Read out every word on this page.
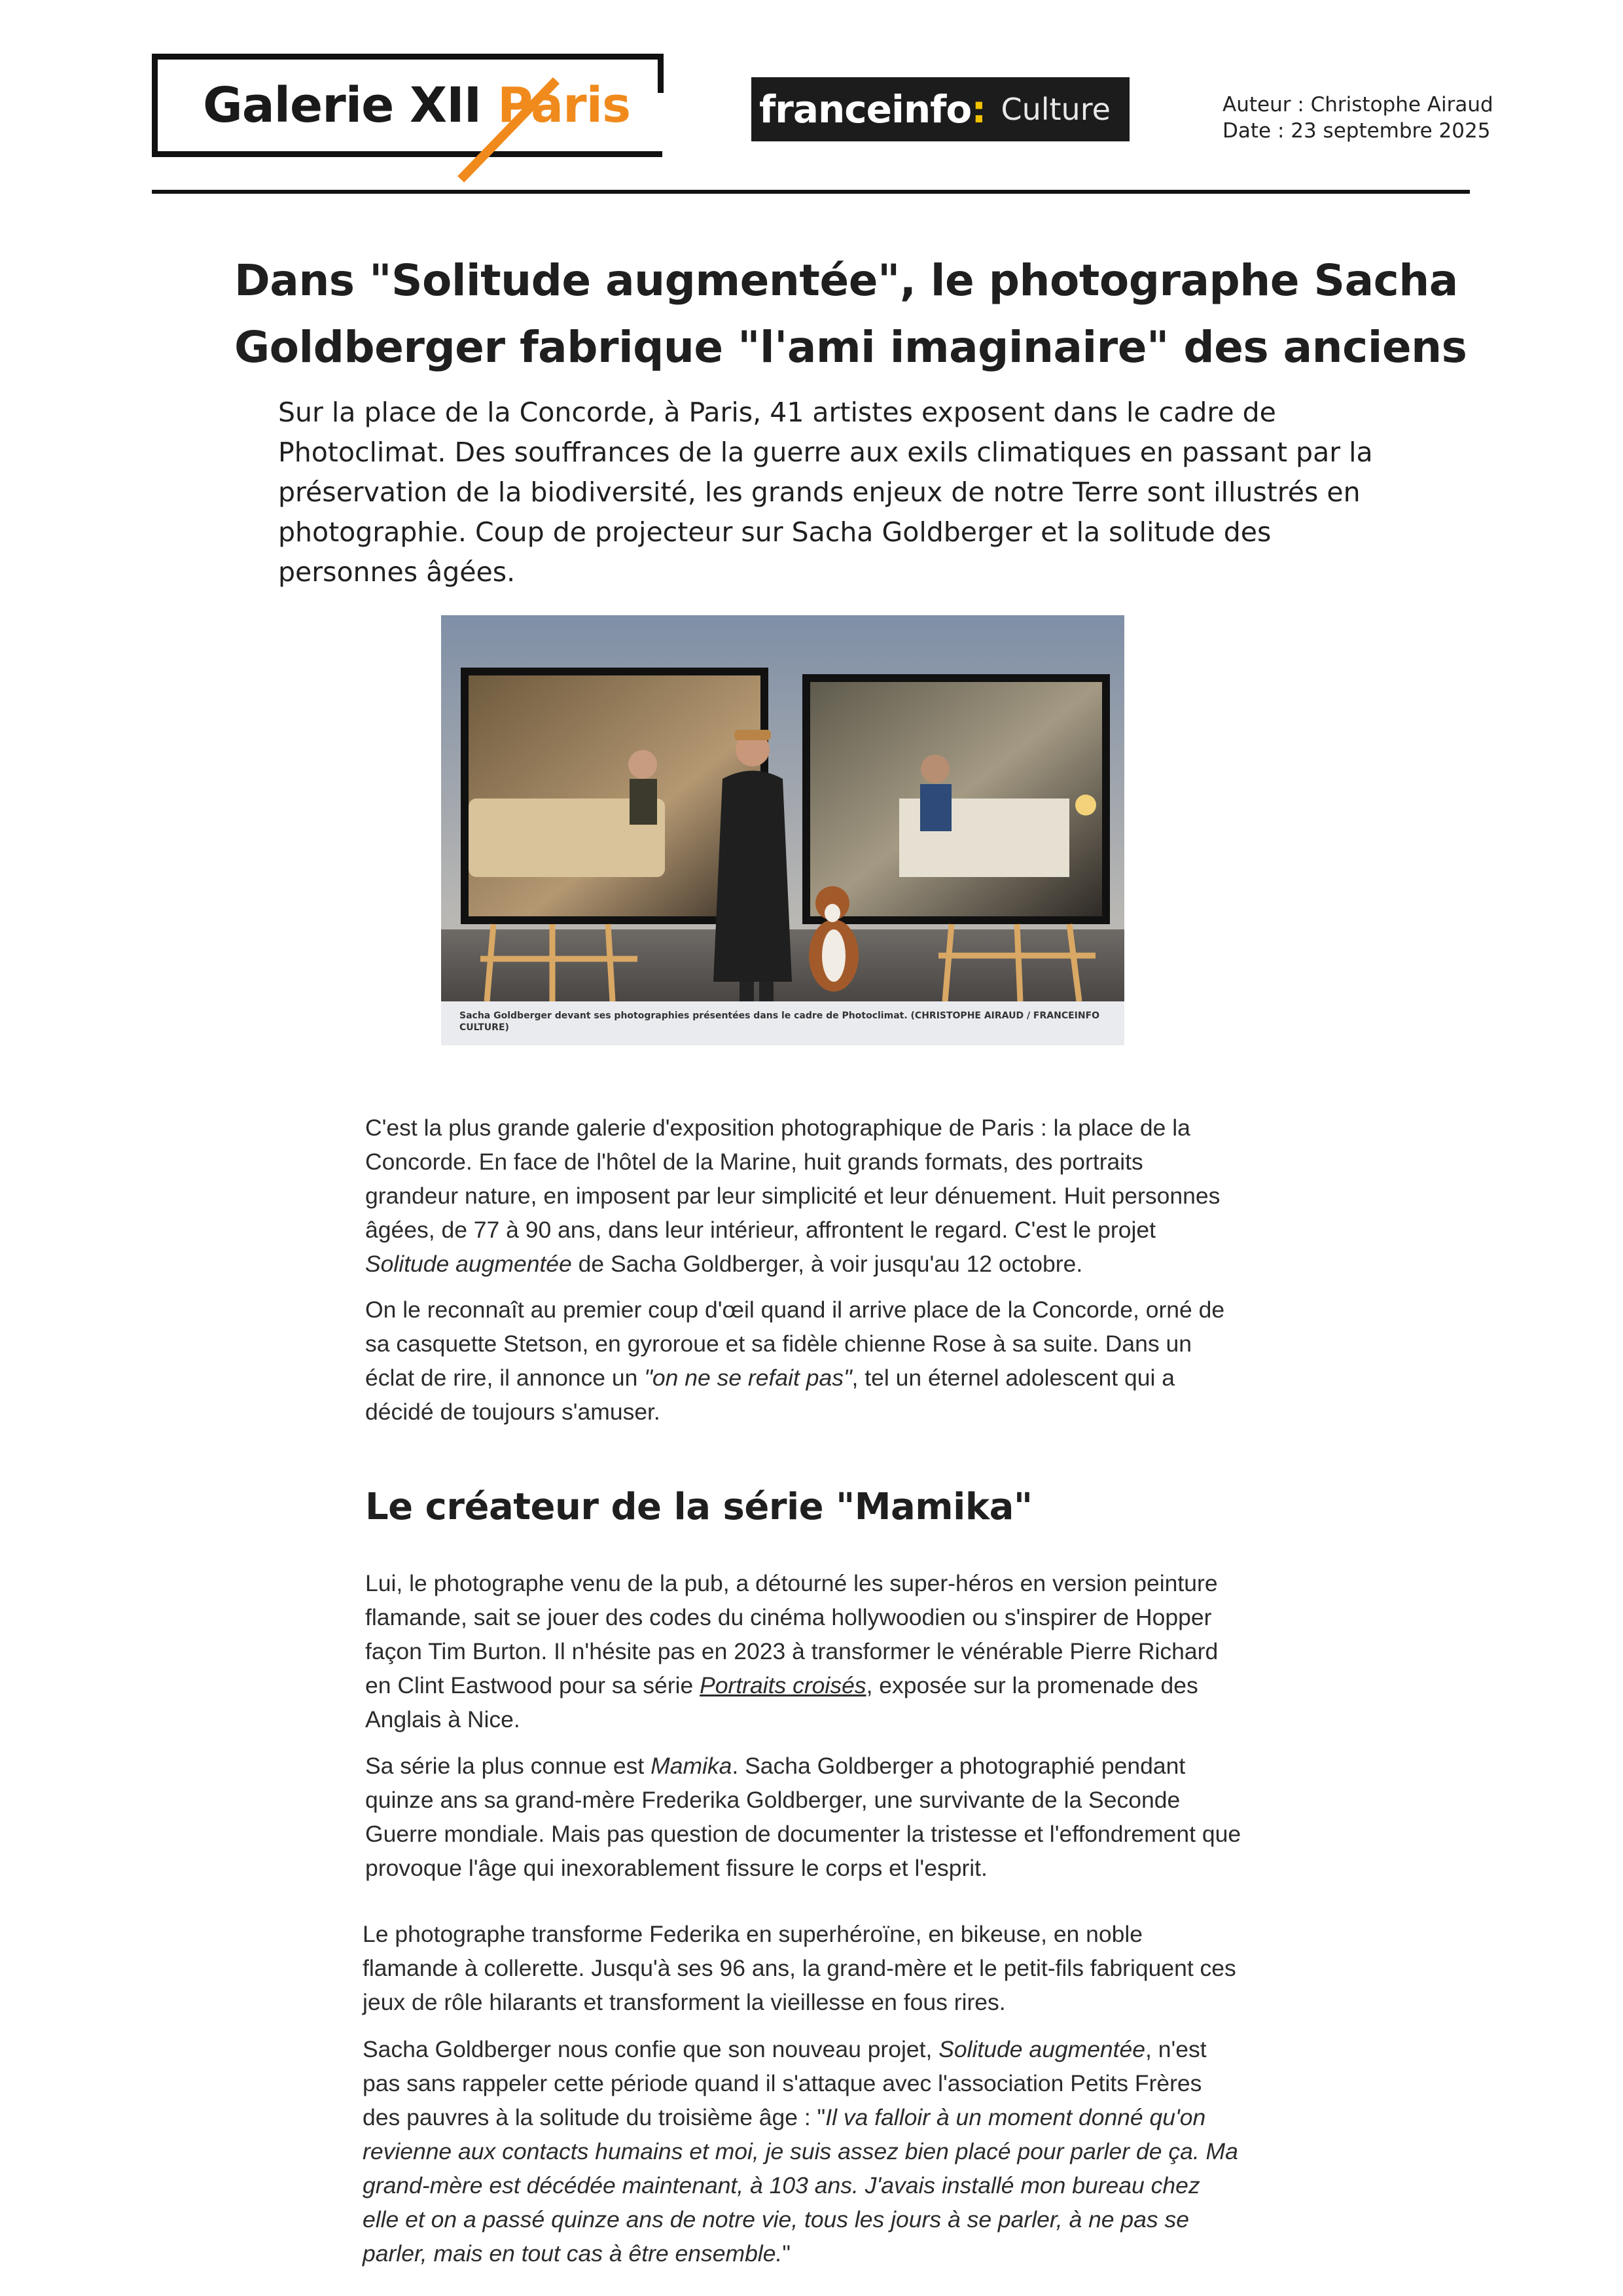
Galerie XII Paris	franceinfo : Culture	Auteur : Christophe Airaud
Date : 23 septembre 2025
Dans "Solitude augmentée", le photographe Sacha Goldberger fabrique "l'ami imaginaire" des anciens
Sur la place de la Concorde, à Paris, 41 artistes exposent dans le cadre de Photoclimat. Des souffrances de la guerre aux exils climatiques en passant par la préservation de la biodiversité, les grands enjeux de notre Terre sont illustrés en photographie. Coup de projecteur sur Sacha Goldberger et la solitude des personnes âgées.
Sacha Goldberger devant ses photographies présentées dans le cadre de Photoclimat. (CHRISTOPHE AIRAUD / FRANCEINFO CULTURE)

C'est la plus grande galerie d'exposition photographique de Paris : la place de la Concorde. En face de l'hôtel de la Marine, huit grands formats, des portraits grandeur nature, en imposent par leur simplicité et leur dénuement. Huit personnes âgées, de 77 à 90 ans, dans leur intérieur, affrontent le regard. C'est le projet Solitude augmentée de Sacha Goldberger, à voir jusqu'au 12 octobre.

On le reconnaît au premier coup d'œil quand il arrive place de la Concorde, orné de sa casquette Stetson, en gyroroue et sa fidèle chienne Rose à sa suite. Dans un éclat de rire, il annonce un "on ne se refait pas", tel un éternel adolescent qui a décidé de toujours s'amuser.

Le créateur de la série "Mamika"

Lui, le photographe venu de la pub, a détourné les super-héros en version peinture flamande, sait se jouer des codes du cinéma hollywoodien ou s'inspirer de Hopper façon Tim Burton. Il n'hésite pas en 2023 à transformer le vénérable Pierre Richard en Clint Eastwood pour sa série Portraits croisés, exposée sur la promenade des Anglais à Nice.

Sa série la plus connue est Mamika. Sacha Goldberger a photographié pendant quinze ans sa grand-mère Frederika Goldberger, une survivante de la Seconde Guerre mondiale. Mais pas question de documenter la tristesse et l'effondrement que provoque l'âge qui inexorablement fissure le corps et l'esprit.

Le photographe transforme Federika en superhéroïne, en bikeuse, en noble flamande à collerette. Jusqu'à ses 96 ans, la grand-mère et le petit-fils fabriquent ces jeux de rôle hilarants et transforment la vieillesse en fous rires.

Sacha Goldberger nous confie que son nouveau projet, Solitude augmentée, n'est pas sans rappeler cette période quand il s'attaque avec l'association Petits Frères des pauvres à la solitude du troisième âge : "Il va falloir à un moment donné qu'on revienne aux contacts humains et moi, je suis assez bien placé pour parler de ça. Ma grand-mère est décédée maintenant, à 103 ans. J'avais installé mon bureau chez elle et on a passé quinze ans de notre vie, tous les jours à se parler, à ne pas se parler, mais en tout cas à être ensemble."
